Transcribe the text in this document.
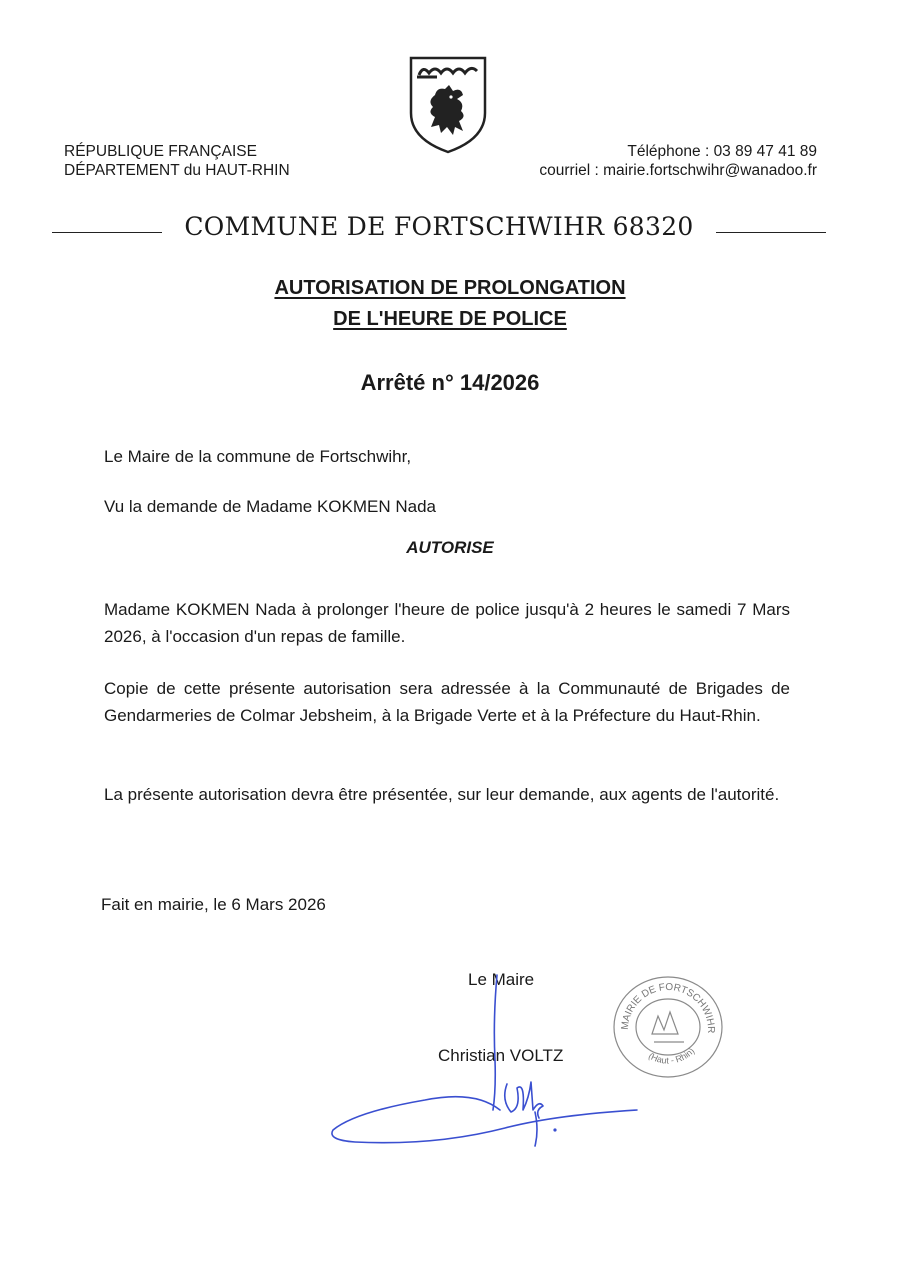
RÉPUBLIQUE FRANÇAISE
DÉPARTEMENT du HAUT-RHIN
Téléphone : 03 89 47 41 89
courriel : mairie.fortschwihr@wanadoo.fr
COMMUNE DE FORTSCHWIHR 68320
AUTORISATION DE PROLONGATION
DE L'HEURE DE POLICE
Arrêté n° 14/2026
Le Maire de la commune de Fortschwihr,
Vu la demande de Madame KOKMEN Nada
AUTORISE
Madame KOKMEN Nada à prolonger l'heure de police jusqu'à 2 heures le samedi 7 Mars 2026, à l'occasion d'un repas de famille.
Copie de cette présente autorisation sera adressée à la Communauté de Brigades de Gendarmeries de Colmar Jebsheim, à la Brigade Verte et à la Préfecture du Haut-Rhin.
La présente autorisation devra être présentée, sur leur demande, aux agents de l'autorité.
Fait en mairie, le 6 Mars 2026
Le Maire
Christian VOLTZ
MAIRIE DE FORTSCHWIHR
(Haut - Rhin)
